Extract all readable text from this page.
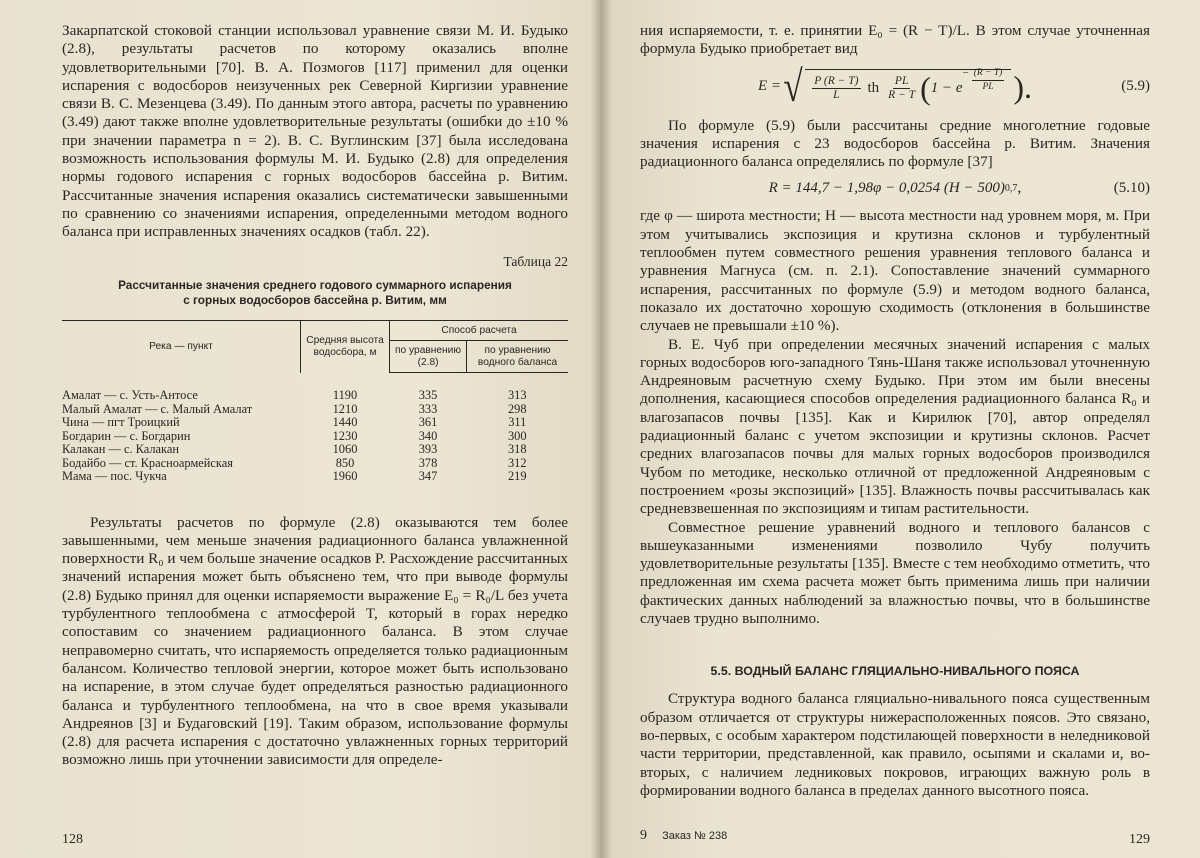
Закарпатской стоковой станции использовал уравнение связи М. И. Будыко (2.8), результаты расчетов по которому оказались вполне удовлетворительными [70]. В. А. Позмогов [117] применил для оценки испарения с водосборов неизученных рек Северной Киргизии уравнение связи В. С. Мезенцева (3.49). По данным этого автора, расчеты по уравнению (3.49) дают также вполне удовлетворительные результаты (ошибки до ±10 % при значении параметра n = 2). В. С. Вуглинским [37] была исследована возможность использования формулы М. И. Будыко (2.8) для определения нормы годового испарения с горных водосборов бассейна р. Витим. Рассчитанные значения испарения оказались систематически завышенными по сравнению со значениями испарения, определенными методом водного баланса при исправленных значениях осадков (табл. 22).

Таблица 22
Рассчитанные значения среднего годового суммарного испарения
с горных водосборов бассейна р. Витим, мм
Река — пункт	Средняя высота водосбора, м	Способ расчета	
		по уравнению (2.8)	по уравнению водного баланса
Амалат — с. Усть-Антосе	1190	335	313
Малый Амалат — с. Малый Амалат	1210	333	298
Чина — пгт Троицкий	1440	361	311
Богдарин — с. Богдарин	1230	340	300
Калакан — с. Калакан	1060	393	318
Бодайбо — ст. Красноармейская	850	378	312
Мама — пос. Чукча	1960	347	219

Результаты расчетов по формуле (2.8) оказываются тем более завышенными, чем меньше значения радиационного баланса увлажненной поверхности R₀ и чем больше значение осадков P. Расхождение рассчитанных значений испарения может быть объяснено тем, что при выводе формулы (2.8) Будыко принял для оценки испаряемости выражение E₀ = R₀/L без учета турбулентного теплообмена с атмосферой T, который в горах нередко сопоставим со значением радиационного баланса. В этом случае неправомерно считать, что испаряемость определяется только радиационным балансом. Количество тепловой энергии, которое может быть использовано на испарение, в этом случае будет определяться разностью радиационного баланса и турбулентного теплообмена, на что в свое время указывали Андреянов [3] и Будаговский [19]. Таким образом, использование формулы (2.8) для расчета испарения с достаточно увлажненных горных территорий возможно лишь при уточнении зависимости для определе-

128

ния испаряемости, т. е. принятии E₀ = (R − T)/L. В этом случае уточненная формула Будыко приобретает вид

E = √ $\frac{P (R - T)}{L}$ th $\frac{PL}{R - T}$ ( 1 − e
− $\frac{(R - T)}{PL}$ ).	(5.9)

По формуле (5.9) были рассчитаны средние многолетние годовые значения испарения с 23 водосборов бассейна р. Витим. Значения радиационного баланса определялись по формуле [37]

R = 144,7 − 1,98φ − 0,0254 (H − 500) 0,7 ,	(5.10)

где φ — широта местности; H — высота местности над уровнем моря, м. При этом учитывались экспозиция и крутизна склонов и турбулентный теплообмен путем совместного решения уравнения теплового баланса и уравнения Магнуса (см. п. 2.1). Сопоставление значений суммарного испарения, рассчитанных по формуле (5.9) и методом водного баланса, показало их достаточно хорошую сходимость (отклонения в большинстве случаев не превышали ±10 %).

В. Е. Чуб при определении месячных значений испарения с малых горных водосборов юго-западного Тянь-Шаня также использовал уточненную Андреяновым расчетную схему Будыко. При этом им были внесены дополнения, касающиеся способов определения радиационного баланса R₀ и влагозапасов почвы [135]. Как и Кирилюк [70], автор определял радиационный баланс с учетом экспозиции и крутизны склонов. Расчет средних влагозапасов почвы для малых горных водосборов производился Чубом по методике, несколько отличной от предложенной Андреяновым с построением «розы экспозиций» [135]. Влажность почвы рассчитывалась как средневзвешенная по экспозициям и типам растительности.

Совместное решение уравнений водного и теплового балансов с вышеуказанными изменениями позволило Чубу получить удовлетворительные результаты [135]. Вместе с тем необходимо отметить, что предложенная им схема расчета может быть применима лишь при наличии фактических данных наблюдений за влажностью почвы, что в большинстве случаев трудно выполнимо.

5.5. ВОДНЫЙ БАЛАНС ГЛЯЦИАЛЬНО-НИВАЛЬНОГО ПОЯСА

Структура водного баланса гляциально-нивального пояса существенным образом отличается от структуры нижерасположенных поясов. Это связано, во-первых, с особым характером подстилающей поверхности в неледниковой части территории, представленной, как правило, осыпями и скалами и, во-вторых, с наличием ледниковых покровов, играющих важную роль в формировании водного баланса в пределах данного высотного пояса.

9 Заказ № 238	129
